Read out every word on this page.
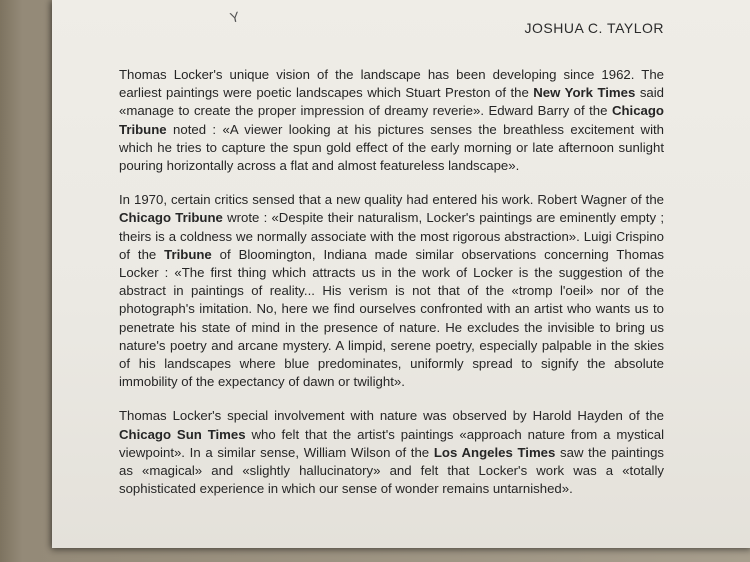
Y
JOSHUA C. TAYLOR

Thomas Locker's unique vision of the landscape has been developing since 1962. The earliest paintings were poetic landscapes which Stuart Preston of the New York Times said «manage to create the proper impression of dreamy reverie». Edward Barry of the Chicago Tribune noted : «A viewer looking at his pictures senses the breathless excitement with which he tries to capture the spun gold effect of the early morning or late afternoon sunlight pouring horizontally across a flat and almost featureless landscape».

In 1970, certain critics sensed that a new quality had entered his work. Robert Wagner of the Chicago Tribune wrote : «Despite their naturalism, Locker's paintings are eminently empty ; theirs is a coldness we normally associate with the most rigorous abstraction». Luigi Crispino of the Tribune of Bloomington, Indiana made similar observations concerning Thomas Locker : «The first thing which attracts us in the work of Locker is the suggestion of the abstract in paintings of reality... His verism is not that of the «tromp l'oeil» nor of the photograph's imitation. No, here we find ourselves confronted with an artist who wants us to penetrate his state of mind in the presence of nature. He excludes the invisible to bring us nature's poetry and arcane mystery. A limpid, serene poetry, especially palpable in the skies of his landscapes where blue predominates, uniformly spread to signify the absolute immobility of the expectancy of dawn or twilight».

Thomas Locker's special involvement with nature was observed by Harold Hayden of the Chicago Sun Times who felt that the artist's paintings «approach nature from a mystical viewpoint». In a similar sense, William Wilson of the Los Angeles Times saw the paintings as «magical» and «slightly hallucinatory» and felt that Locker's work was a «totally sophisticated experience in which our sense of wonder remains untarnished».
